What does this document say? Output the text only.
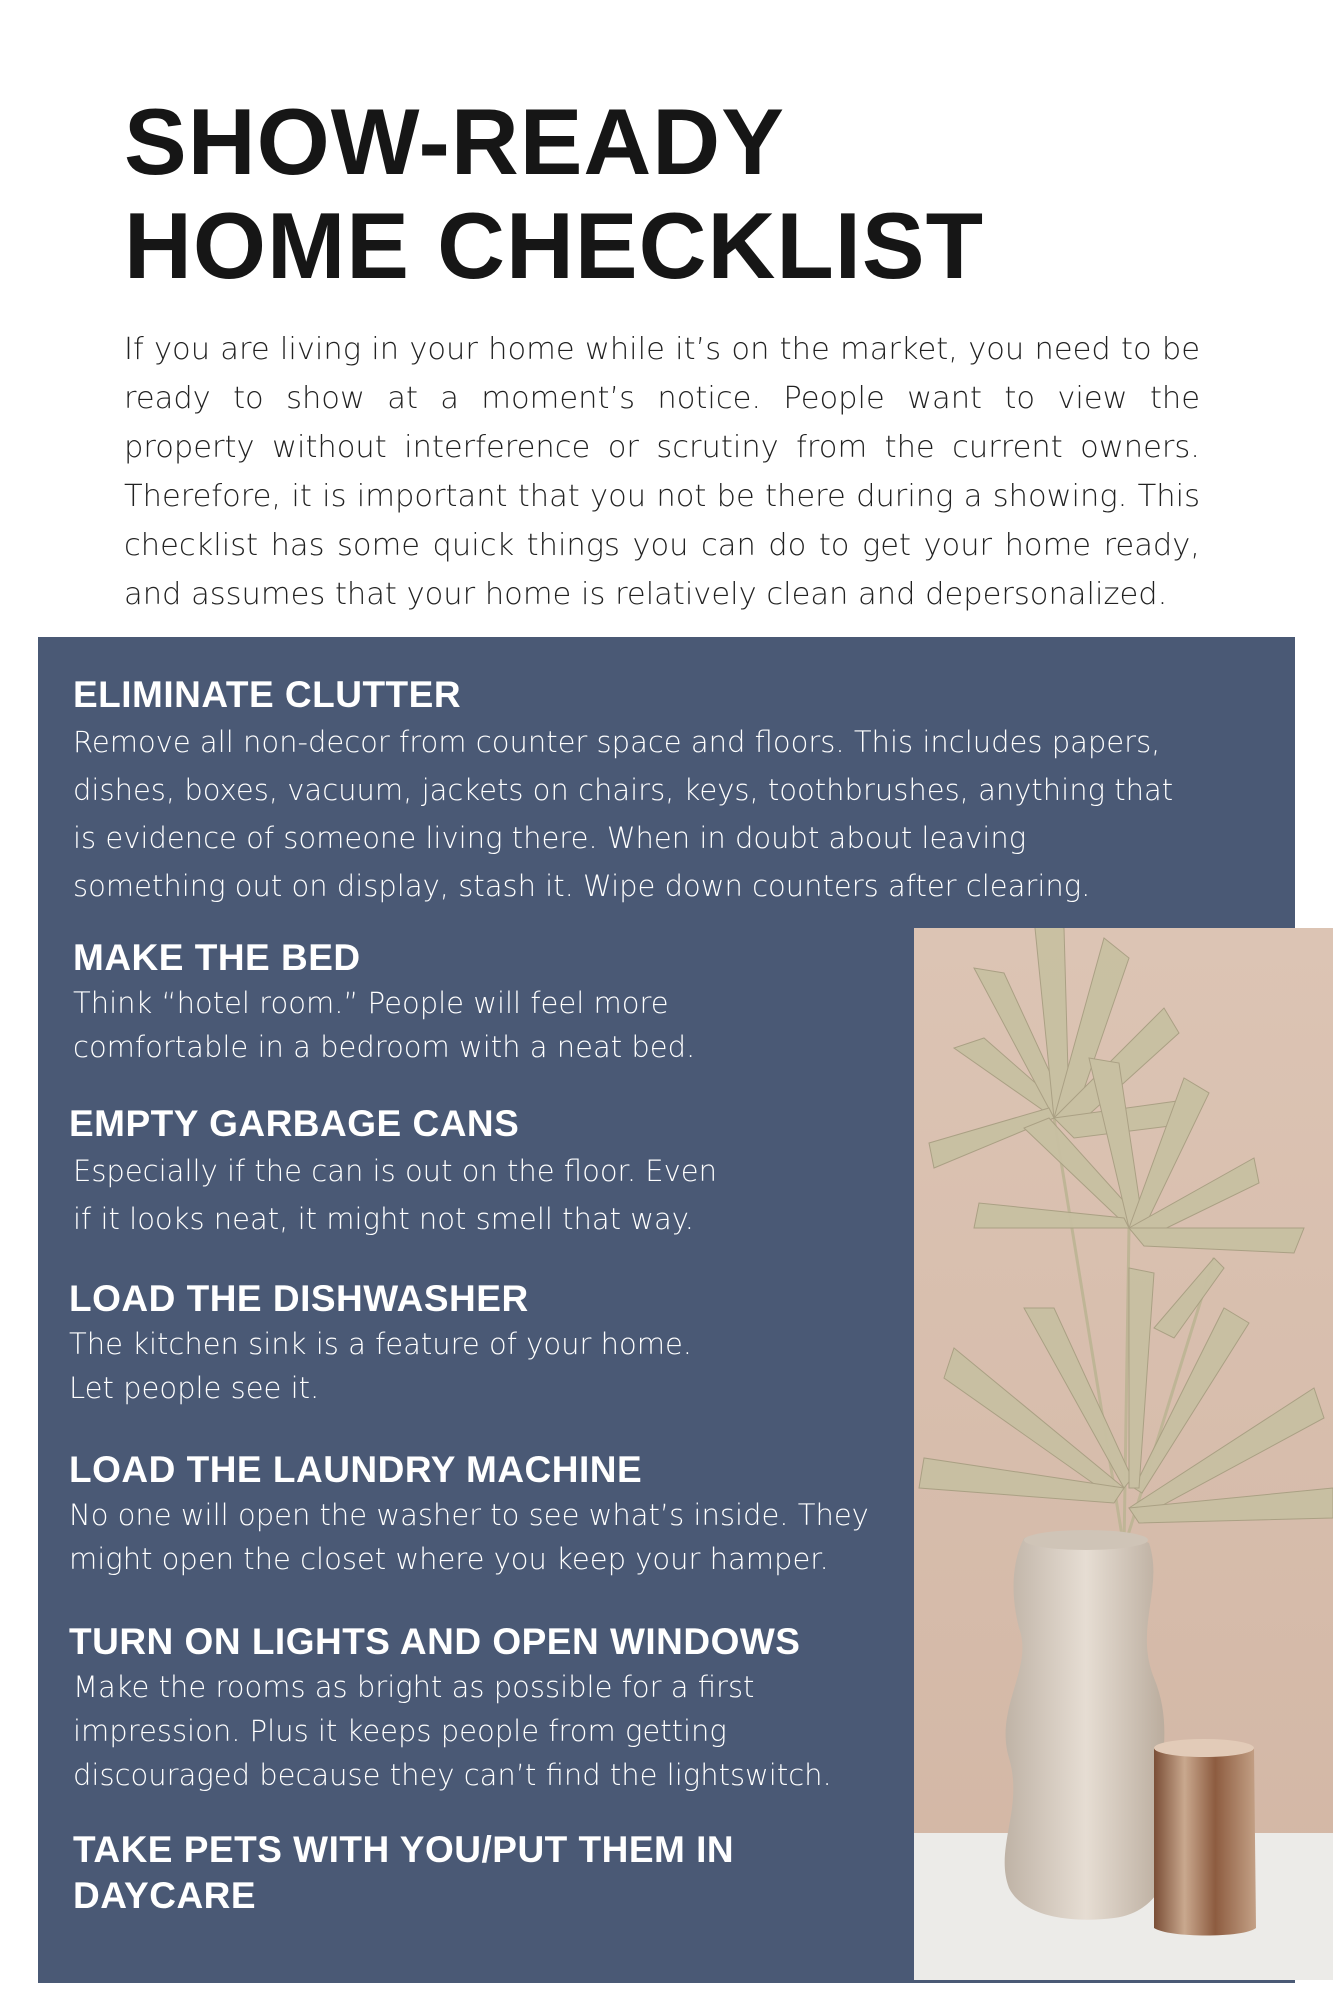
SHOW-READY
HOME CHECKLIST

If you are living in your home while it’s on the market, you need to be ready to show at a moment’s notice. People want to view the property without interference or scrutiny from the current owners. Therefore, it is important that you not be there during a showing. This checklist has some quick things you can do to get your home ready, and assumes that your home is relatively clean and depersonalized.

ELIMINATE CLUTTER

Remove all non-decor from counter space and floors. This includes papers,

dishes, boxes, vacuum, jackets on chairs, keys, toothbrushes, anything that

is evidence of someone living there. When in doubt about leaving

something out on display, stash it. Wipe down counters after clearing.

MAKE THE BED

Think “hotel room.” People will feel more

comfortable in a bedroom with a neat bed.

EMPTY GARBAGE CANS

Especially if the can is out on the floor. Even

if it looks neat, it might not smell that way.

LOAD THE DISHWASHER

The kitchen sink is a feature of your home.

Let people see it.

LOAD THE LAUNDRY MACHINE

No one will open the washer to see what’s inside. They

might open the closet where you keep your hamper.

TURN ON LIGHTS AND OPEN WINDOWS

Make the rooms as bright as possible for a first

impression. Plus it keeps people from getting

discouraged because they can’t find the lightswitch.

TAKE PETS WITH YOU/PUT THEM IN
DAYCARE
